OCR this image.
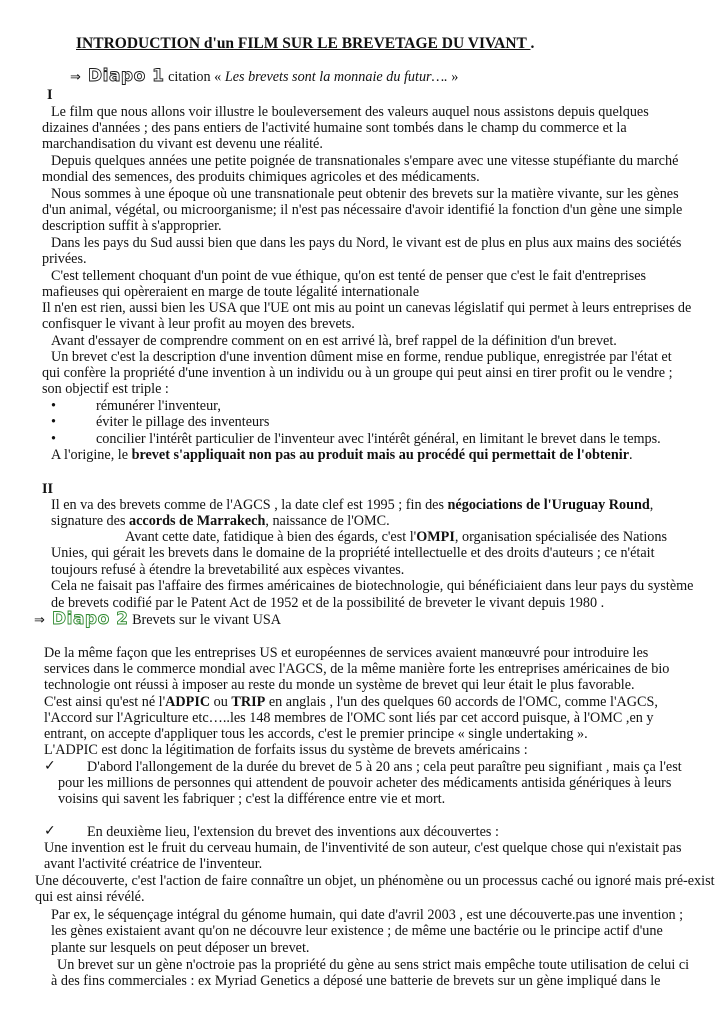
INTRODUCTION d'un FILM SUR LE BREVETAGE DU VIVANT .
⇒ Diapo 1 citation « Les brevets sont la monnaie du futur…. »
I
Le film que nous allons voir illustre le bouleversement des valeurs auquel nous assistons depuis quelques
dizaines d'années ; des pans entiers de l'activité humaine sont tombés dans le champ du commerce et la
marchandisation du vivant est devenu une réalité.
Depuis quelques années une petite poignée de transnationales s'empare avec une vitesse stupéfiante du marché
mondial des semences, des produits chimiques agricoles et des médicaments.
Nous sommes à une époque où une transnationale peut obtenir des brevets sur la matière vivante, sur les gènes
d'un animal, végétal, ou microorganisme; il n'est pas nécessaire d'avoir identifié la fonction d'un gène une simple
description suffit à s'approprier.
Dans les pays du Sud aussi bien que dans les pays du Nord, le vivant est de plus en plus aux mains des sociétés
privées.
C'est tellement choquant d'un point de vue éthique, qu'on est tenté de penser que c'est le fait d'entreprises
mafieuses qui opèreraient en marge de toute légalité internationale
Il n'en est rien, aussi bien les USA que l'UE ont mis au point un canevas législatif qui permet à leurs entreprises de
confisquer le vivant à leur profit au moyen des brevets.
Avant d'essayer de comprendre comment on en est arrivé là, bref rappel de la définition d'un brevet.
Un brevet c'est la description d'une invention dûment mise en forme, rendue publique, enregistrée par l'état et
qui confère la propriété d'une invention à un individu ou à un groupe qui peut ainsi en tirer profit ou le vendre ;
son objectif est triple :
•	rémunérer l'inventeur,
•	éviter le pillage des inventeurs
•	concilier l'intérêt particulier de l'inventeur avec l'intérêt général, en limitant le brevet dans le temps.
A l'origine, le brevet s'appliquait non pas au produit mais au procédé qui permettait de l'obtenir.
II
Il en va des brevets comme de l'AGCS , la date clef est 1995 ; fin des négociations de l'Uruguay Round,
signature des accords de Marrakech, naissance de l'OMC.
Avant cette date, fatidique à bien des égards, c'est l'OMPI, organisation spécialisée des Nations
Unies, qui gérait les brevets dans le domaine de la propriété intellectuelle et des droits d'auteurs ; ce n'était
toujours refusé à étendre la brevetabilité aux espèces vivantes.
Cela ne faisait pas l'affaire des firmes américaines de biotechnologie, qui bénéficiaient dans leur pays du système
de brevets codifié par le Patent Act de 1952 et de la possibilité de breveter le vivant depuis 1980 .
⇒ Diapo 2 Brevets sur le vivant USA
De la même façon que les entreprises US et européennes de services avaient manœuvré pour introduire les
services dans le commerce mondial avec l'AGCS, de la même manière forte les entreprises américaines de bio
technologie ont réussi à imposer au reste du monde un système de brevet qui leur était le plus favorable.
C'est ainsi qu'est né l'ADPIC ou TRIP en anglais , l'un des quelques 60 accords de l'OMC, comme l'AGCS,
l'Accord sur l'Agriculture etc…..les 148 membres de l'OMC sont liés par cet accord puisque, à l'OMC ,en y
entrant, on accepte d'appliquer tous les accords, c'est le premier principe « single undertaking ».
L'ADPIC est donc la légitimation de forfaits issus du système de brevets américains :
✓ D'abord l'allongement de la durée du brevet de 5 à 20 ans ; cela peut paraître peu signifiant , mais ça l'est
pour les millions de personnes qui attendent de pouvoir acheter des médicaments antisida génériques à leurs
voisins qui savent les fabriquer ; c'est la différence entre vie et mort.
✓ En deuxième lieu, l'extension du brevet des inventions aux découvertes :
Une invention est le fruit du cerveau humain, de l'inventivité de son auteur, c'est quelque chose qui n'existait pas
avant l'activité créatrice de l'inventeur.
Une découverte, c'est l'action de faire connaître un objet, un phénomène ou un processus caché ou ignoré mais pré-exist
qui est ainsi révélé.
Par ex, le séquençage intégral du génome humain, qui date d'avril 2003 , est une découverte.pas une invention ;
les gènes existaient avant qu'on ne découvre leur existence ; de même une bactérie ou le principe actif d'une
plante sur lesquels on peut déposer un brevet.
Un brevet sur un gène n'octroie pas la propriété du gène au sens strict mais empêche toute utilisation de celui ci
à des fins commerciales : ex Myriad Genetics a déposé une batterie de brevets sur un gène impliqué dans le
